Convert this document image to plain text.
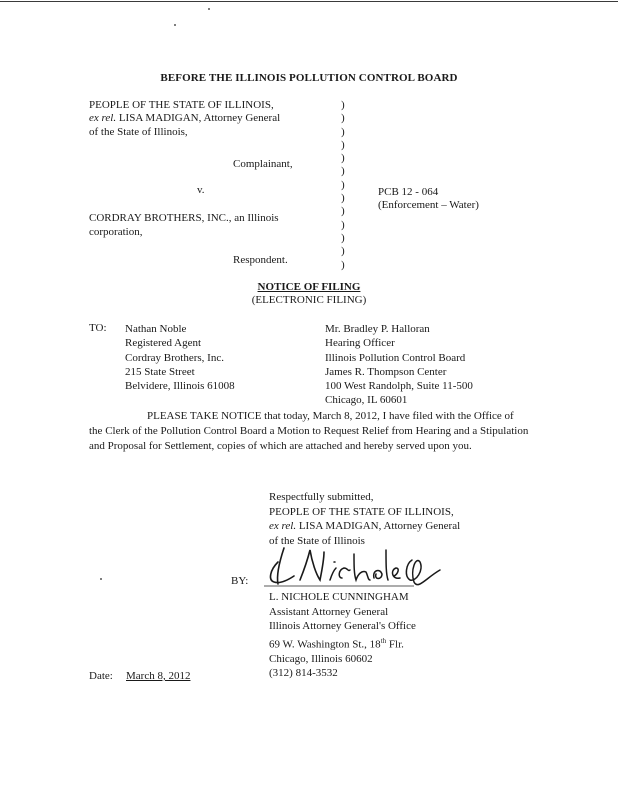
BEFORE THE ILLINOIS POLLUTION CONTROL BOARD
PEOPLE OF THE STATE OF ILLINOIS,
ex rel. LISA MADIGAN, Attorney General
of the State of Illinois,
Complainant,
v.	PCB 12 - 064
(Enforcement – Water)
CORDRAY BROTHERS, INC., an Illinois
corporation,
Respondent.
)
)
)
)
)
)
)
)
)
)
)
)
)
NOTICE OF FILING
(ELECTRONIC FILING)
TO: Nathan Noble
Registered Agent
Cordray Brothers, Inc.
215 State Street
Belvidere, Illinois 61008
Mr. Bradley P. Halloran
Hearing Officer
Illinois Pollution Control Board
James R. Thompson Center
100 West Randolph, Suite 11-500
Chicago, IL 60601
PLEASE TAKE NOTICE that today, March 8, 2012, I have filed with the Office of the Clerk of the Pollution Control Board a Motion to Request Relief from Hearing and a Stipulation and Proposal for Settlement, copies of which are attached and hereby served upon you.
Respectfully submitted,
PEOPLE OF THE STATE OF ILLINOIS,
ex rel. LISA MADIGAN, Attorney General
of the State of Illinois
BY:
L. Nichole C
L. NICHOLE CUNNINGHAM
Assistant Attorney General
Illinois Attorney General's Office
69 W. Washington St., 18th Flr.
Chicago, Illinois 60602
(312) 814-3532
Date: March 8, 2012
